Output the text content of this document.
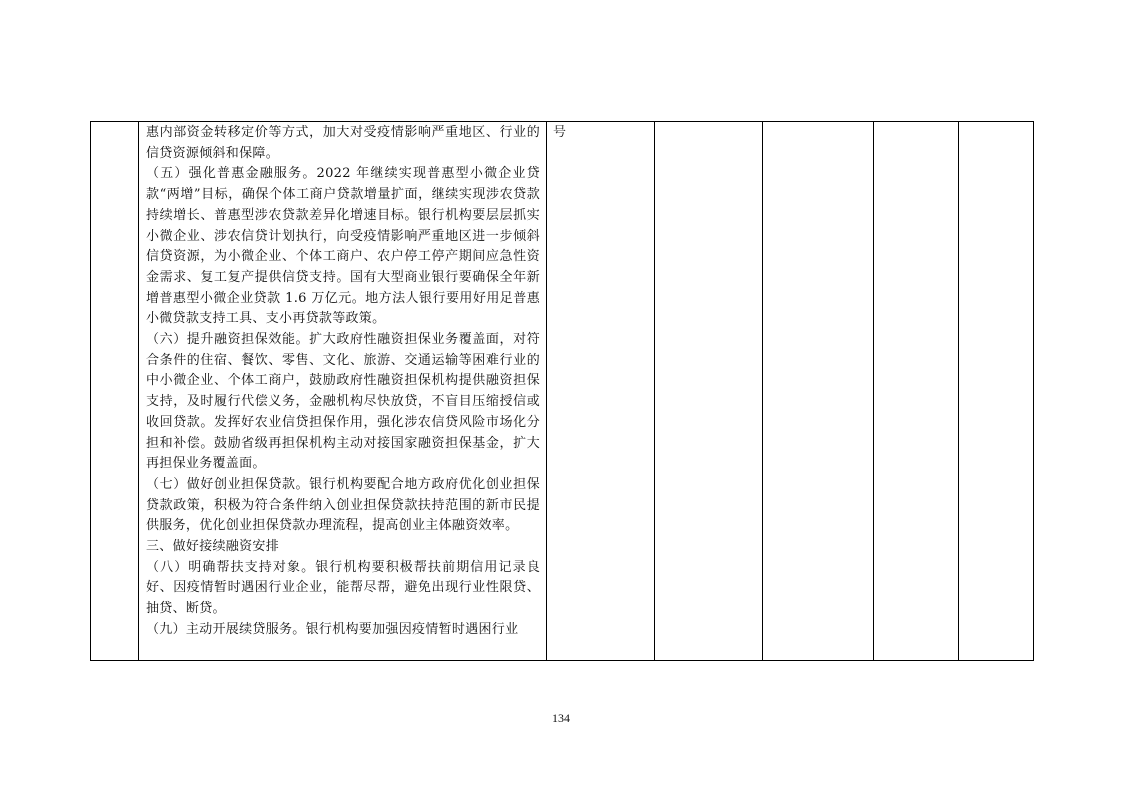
惠内部资金转移定价等方式，加大对受疫情影响严重地区、行业的信贷资源倾斜和保障。

（五）强化普惠金融服务。2022 年继续实现普惠型小微企业贷款“两增”目标，确保个体工商户贷款增量扩面，继续实现涉农贷款持续增长、普惠型涉农贷款差异化增速目标。银行机构要层层抓实小微企业、涉农信贷计划执行，向受疫情影响严重地区进一步倾斜信贷资源，为小微企业、个体工商户、农户停工停产期间应急性资金需求、复工复产提供信贷支持。国有大型商业银行要确保全年新增普惠型小微企业贷款 1.6 万亿元。地方法人银行要用好用足普惠小微贷款支持工具、支小再贷款等政策。

（六）提升融资担保效能。扩大政府性融资担保业务覆盖面，对符合条件的住宿、餐饮、零售、文化、旅游、交通运输等困难行业的中小微企业、个体工商户，鼓励政府性融资担保机构提供融资担保支持，及时履行代偿义务，金融机构尽快放贷，不盲目压缩授信或收回贷款。发挥好农业信贷担保作用，强化涉农信贷风险市场化分担和补偿。鼓励省级再担保机构主动对接国家融资担保基金，扩大再担保业务覆盖面。

（七）做好创业担保贷款。银行机构要配合地方政府优化创业担保贷款政策，积极为符合条件纳入创业担保贷款扶持范围的新市民提供服务，优化创业担保贷款办理流程，提高创业主体融资效率。

三、做好接续融资安排

（八）明确帮扶支持对象。银行机构要积极帮扶前期信用记录良好、因疫情暂时遇困行业企业，能帮尽帮，避免出现行业性限贷、抽贷、断贷。

（九）主动开展续贷服务。银行机构要加强因疫情暂时遇困行业

号

134
